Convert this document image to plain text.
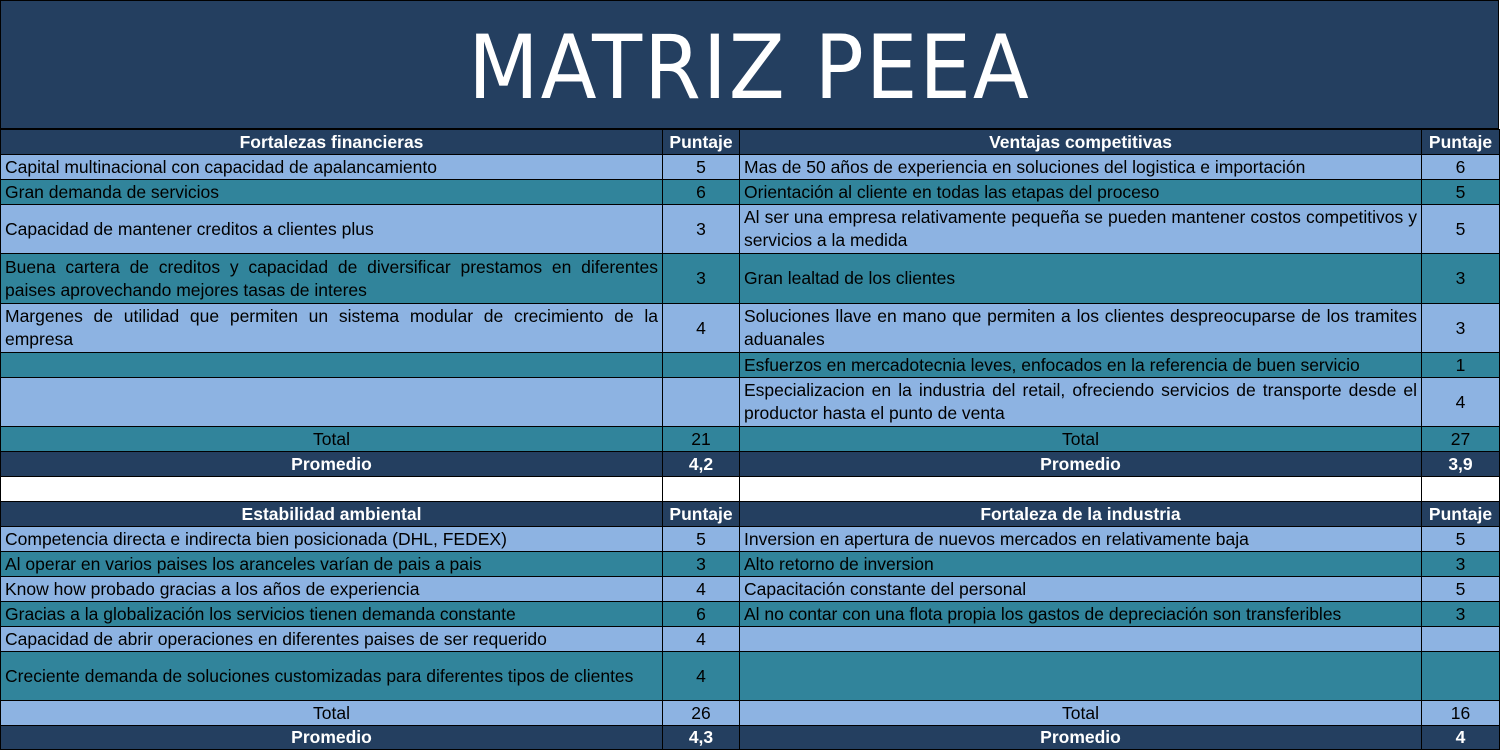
MATRIZ PEEA
Fortalezas financieras	Puntaje	Ventajas competitivas	Puntaje
Capital multinacional con capacidad de apalancamiento	5	Mas de 50 años de experiencia en soluciones del logistica e importación	6
Gran demanda de servicios	6	Orientación al cliente en todas las etapas del proceso	5
Capacidad de mantener creditos a clientes plus	3	Al ser una empresa relativamente pequeña se pueden mantener costos competitivos y servicios a la medida	5
Buena cartera de creditos y capacidad de diversificar prestamos en diferentes paises aprovechando mejores tasas de interes	3	Gran lealtad de los clientes	3
Margenes de utilidad que permiten un sistema modular de crecimiento de la empresa	4	Soluciones llave en mano que permiten a los clientes despreocuparse de los tramites aduanales	3
		Esfuerzos en mercadotecnia leves, enfocados en la referencia de buen servicio	1
		Especializacion en la industria del retail, ofreciendo servicios de transporte desde el productor hasta el punto de venta	4
Total	21	Total	27
Promedio	4,2	Promedio	3,9

Estabilidad ambiental	Puntaje	Fortaleza de la industria	Puntaje
Competencia directa e indirecta bien posicionada (DHL, FEDEX)	5	Inversion en apertura de nuevos mercados en relativamente baja	5
Al operar en varios paises los aranceles varían de pais a pais	3	Alto retorno de inversion	3
Know how probado gracias a los años de experiencia	4	Capacitación constante del personal	5
Gracias a la globalización los servicios tienen demanda constante	6	Al no contar con una flota propia los gastos de depreciación son transferibles	3
Capacidad de abrir operaciones en diferentes paises de ser requerido	4		
Creciente demanda de soluciones customizadas para diferentes tipos de clientes	4		
Total	26	Total	16
Promedio	4,3	Promedio	4
